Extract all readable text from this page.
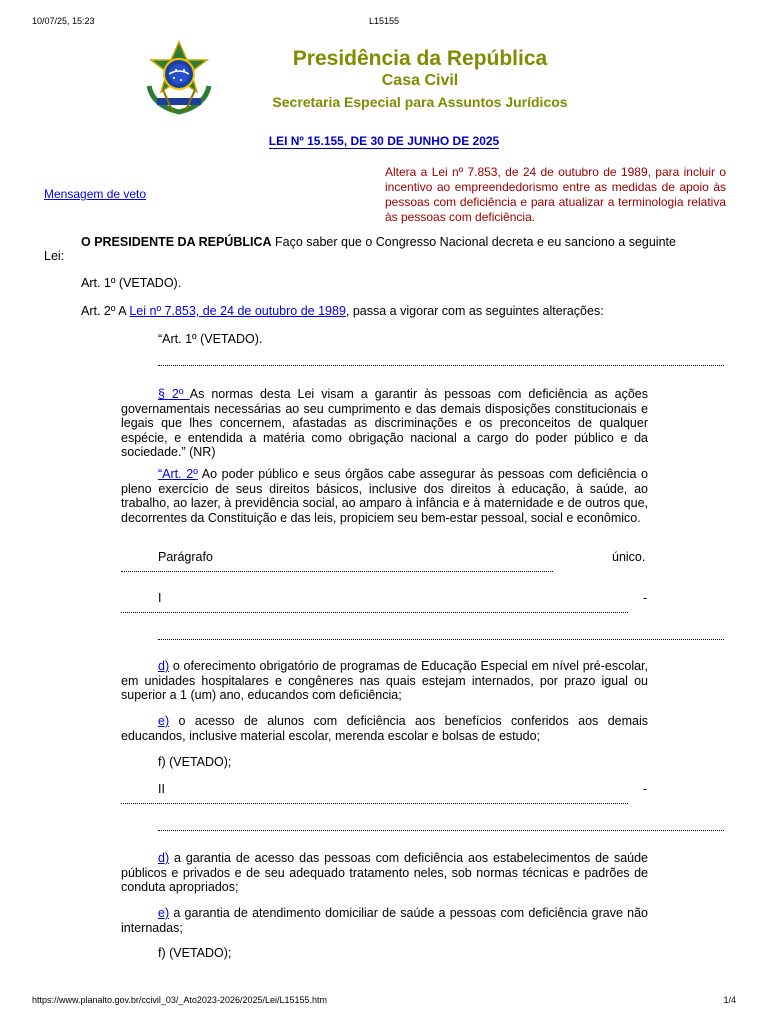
10/07/25, 15:23	L15155
Presidência da República
Casa Civil
Secretaria Especial para Assuntos Jurídicos
LEI Nº 15.155, DE 30 DE JUNHO DE 2025
Mensagem de veto
Altera a Lei nº 7.853, de 24 de outubro de 1989, para incluir o incentivo ao empreendedorismo entre as medidas de apoio às pessoas com deficiência e para atualizar a terminologia relativa às pessoas com deficiência.
O PRESIDENTE DA REPÚBLICA Faço saber que o Congresso Nacional decreta e eu sanciono a seguinte
Lei:
Art. 1º (VETADO).
Art. 2º A Lei nº 7.853, de 24 de outubro de 1989, passa a vigorar com as seguintes alterações:
“Art. 1º (VETADO).
§ 2º As normas desta Lei visam a garantir às pessoas com deficiência as ações governamentais necessárias ao seu cumprimento e das demais disposições constitucionais e legais que lhes concernem, afastadas as discriminações e os preconceitos de qualquer espécie, e entendida a matéria como obrigação nacional a cargo do poder público e da sociedade.” (NR)
“Art. 2º Ao poder público e seus órgãos cabe assegurar às pessoas com deficiência o pleno exercício de seus direitos básicos, inclusive dos direitos à educação, à saúde, ao trabalho, ao lazer, à previdência social, ao amparo à infância e à maternidade e de outros que, decorrentes da Constituição e das leis, propiciem seu bem-estar pessoal, social e econômico.
Parágrafo	único.
I	-
d) o oferecimento obrigatório de programas de Educação Especial em nível pré-escolar, em unidades hospitalares e congêneres nas quais estejam internados, por prazo igual ou superior a 1 (um) ano, educandos com deficiência;
e) o acesso de alunos com deficiência aos benefícios conferidos aos demais educandos, inclusive material escolar, merenda escolar e bolsas de estudo;
f) (VETADO);
II	-
d) a garantia de acesso das pessoas com deficiência aos estabelecimentos de saúde públicos e privados e de seu adequado tratamento neles, sob normas técnicas e padrões de conduta apropriados;
e) a garantia de atendimento domiciliar de saúde a pessoas com deficiência grave não internadas;
f) (VETADO);
https://www.planalto.gov.br/ccivil_03/_Ato2023-2026/2025/Lei/L15155.htm	1/4
